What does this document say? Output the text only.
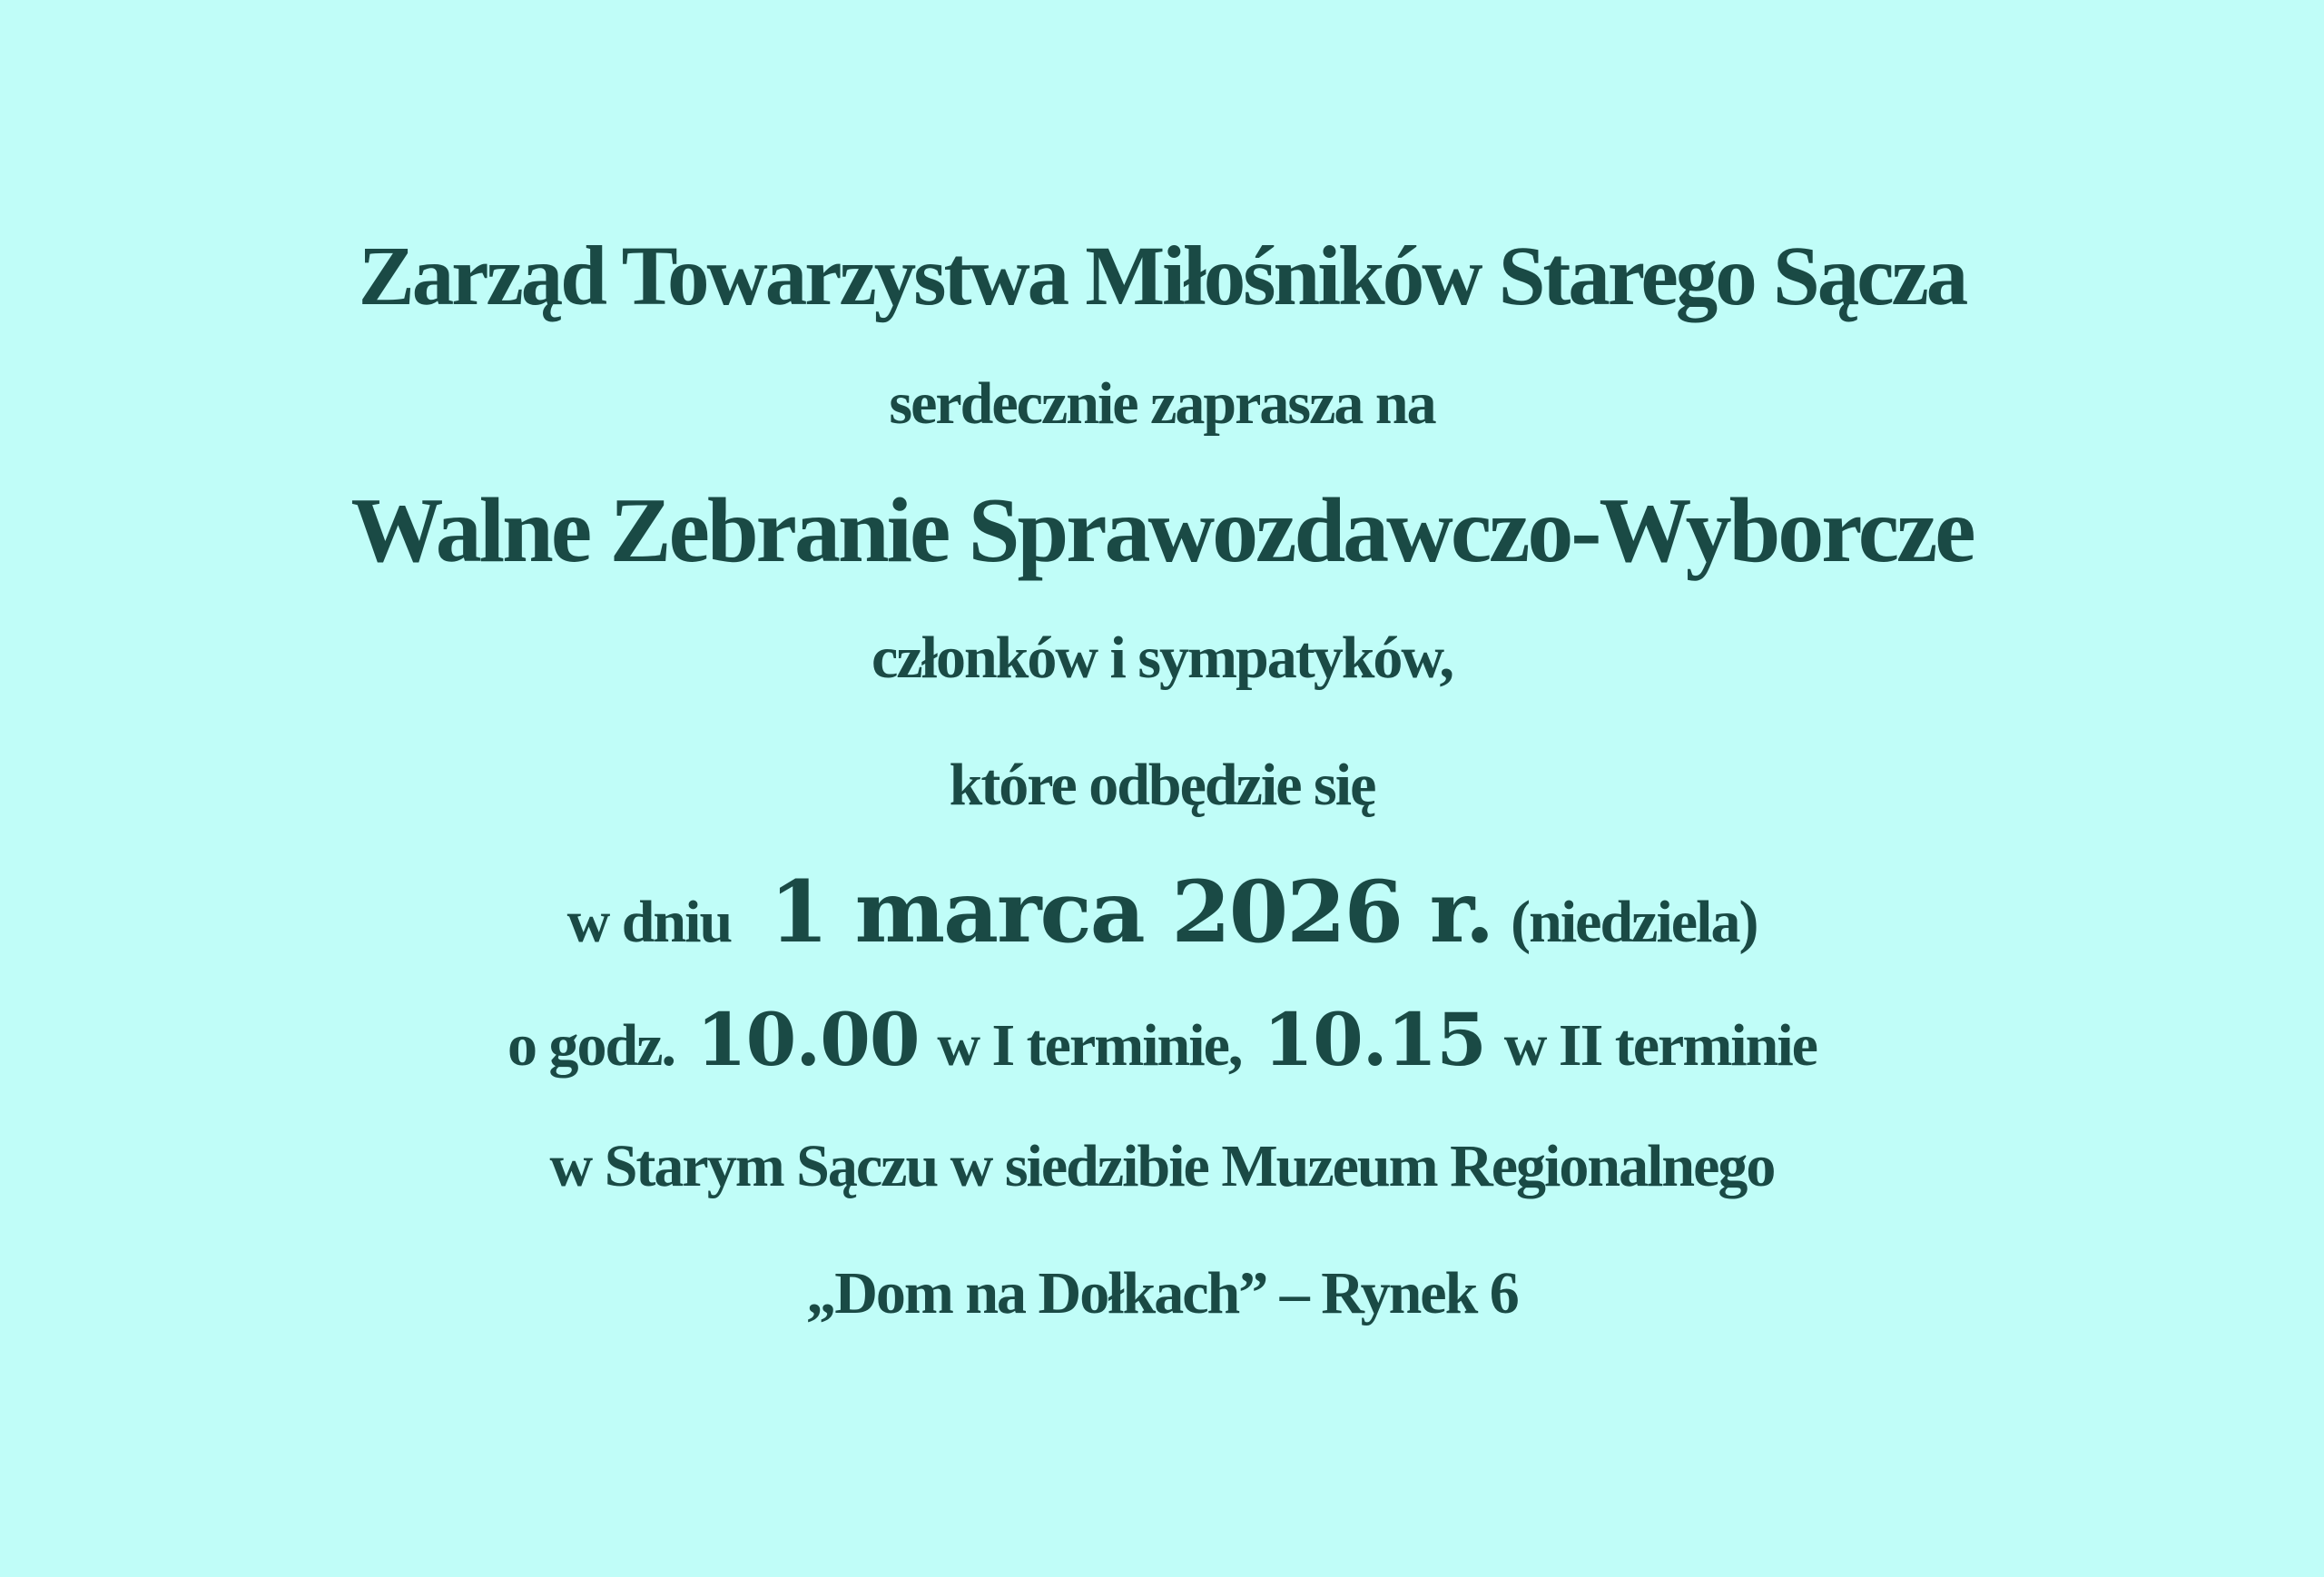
Zarząd Towarzystwa Miłośników Starego Sącza
serdecznie zaprasza na
Walne Zebranie Sprawozdawczo-Wyborcze
członków i sympatyków,
które odbędzie się
w dniu 1 marca 2026 r. (niedziela)
o godz. 10.00 w I terminie, 10.15 w II terminie
w Starym Sączu w siedzibie Muzeum Regionalnego
„Dom na Dołkach” – Rynek 6
